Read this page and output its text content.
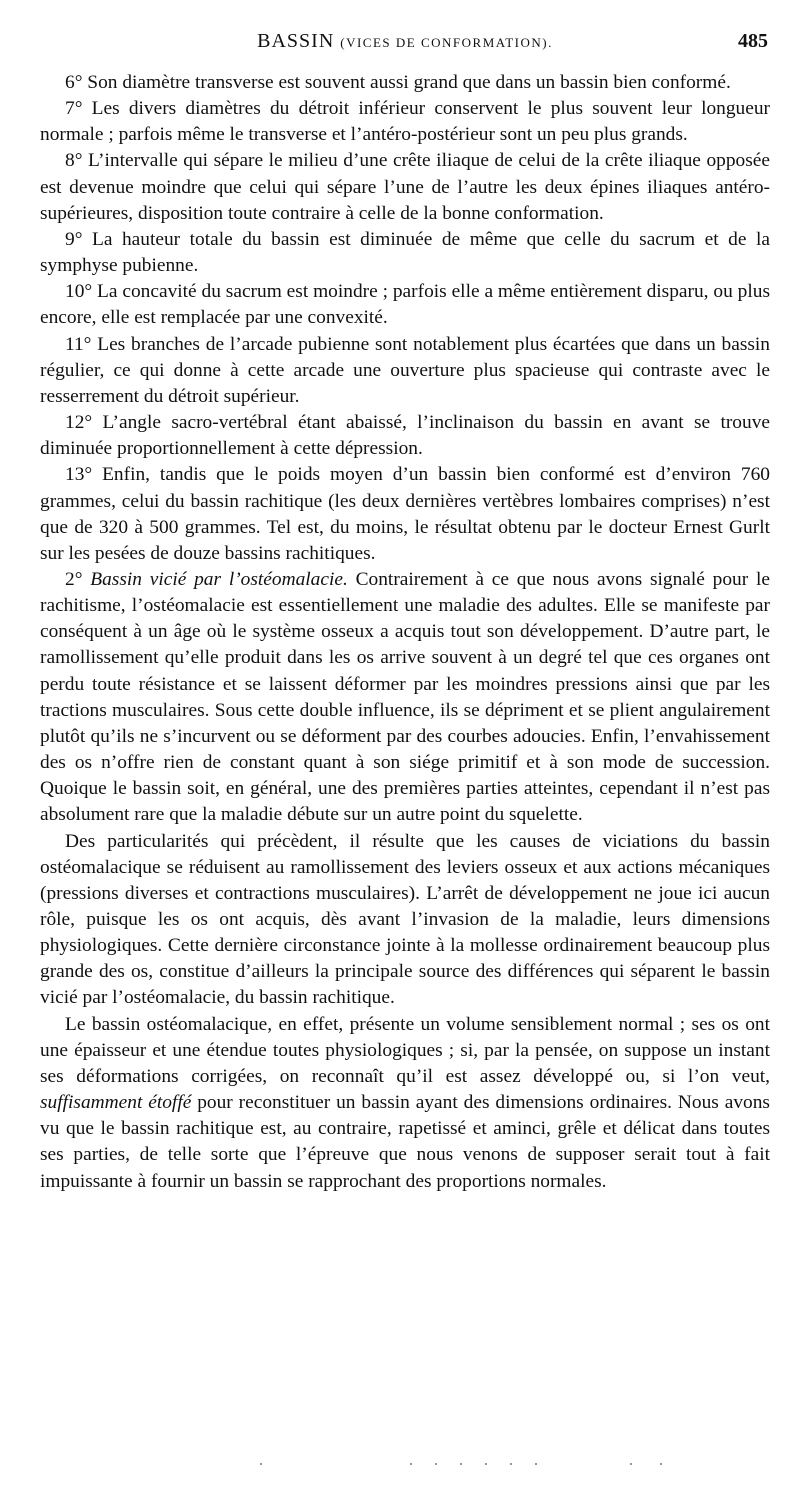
BASSIN (VICES DE CONFORMATION).	485

6° Son diamètre transverse est souvent aussi grand que dans un bassin bien conformé.

7° Les divers diamètres du détroit inférieur conservent le plus souvent leur longueur normale ; parfois même le transverse et l’antéro-postérieur sont un peu plus grands.

8° L’intervalle qui sépare le milieu d’une crête iliaque de celui de la crête iliaque opposée est devenue moindre que celui qui sépare l’une de l’autre les deux épines iliaques antéro-supérieures, disposition toute contraire à celle de la bonne conformation.

9° La hauteur totale du bassin est diminuée de même que celle du sacrum et de la symphyse pubienne.

10° La concavité du sacrum est moindre ; parfois elle a même entièrement disparu, ou plus encore, elle est remplacée par une convexité.

11° Les branches de l’arcade pubienne sont notablement plus écartées que dans un bassin régulier, ce qui donne à cette arcade une ouverture plus spacieuse qui contraste avec le resserrement du détroit supérieur.

12° L’angle sacro-vertébral étant abaissé, l’inclinaison du bassin en avant se trouve diminuée proportionnellement à cette dépression.

13° Enfin, tandis que le poids moyen d’un bassin bien conformé est d’environ 760 grammes, celui du bassin rachitique (les deux dernières vertèbres lombaires comprises) n’est que de 320 à 500 grammes. Tel est, du moins, le résultat obtenu par le docteur Ernest Gurlt sur les pesées de douze bassins rachitiques.

2° Bassin vicié par l’ostéomalacie. Contrairement à ce que nous avons signalé pour le rachitisme, l’ostéomalacie est essentiellement une maladie des adultes. Elle se manifeste par conséquent à un âge où le système osseux a acquis tout son développement. D’autre part, le ramollissement qu’elle produit dans les os arrive souvent à un degré tel que ces organes ont perdu toute résistance et se laissent déformer par les moindres pressions ainsi que par les tractions musculaires. Sous cette double influence, ils se dépriment et se plient angulairement plutôt qu’ils ne s’incurvent ou se déforment par des courbes adoucies. Enfin, l’envahissement des os n’offre rien de constant quant à son siége primitif et à son mode de succession. Quoique le bassin soit, en général, une des premières parties atteintes, cependant il n’est pas absolument rare que la maladie débute sur un autre point du squelette.

Des particularités qui précèdent, il résulte que les causes de viciations du bassin ostéomalacique se réduisent au ramollissement des leviers osseux et aux actions mécaniques (pressions diverses et contractions musculaires). L’arrêt de développement ne joue ici aucun rôle, puisque les os ont acquis, dès avant l’invasion de la maladie, leurs dimensions physiologiques. Cette dernière circonstance jointe à la mollesse ordinairement beaucoup plus grande des os, constitue d’ailleurs la principale source des différences qui séparent le bassin vicié par l’ostéomalacie, du bassin rachitique.

Le bassin ostéomalacique, en effet, présente un volume sensiblement normal ; ses os ont une épaisseur et une étendue toutes physiologiques ; si, par la pensée, on suppose un instant ses déformations corrigées, on reconnaît qu’il est assez développé ou, si l’on veut, suffisamment étoffé pour reconstituer un bassin ayant des dimensions ordinaires. Nous avons vu que le bassin rachitique est, au contraire, rapetissé et aminci, grêle et délicat dans toutes ses parties, de telle sorte que l’épreuve que nous venons de supposer serait tout à fait impuissante à fournir un bassin se rapprochant des proportions normales.
